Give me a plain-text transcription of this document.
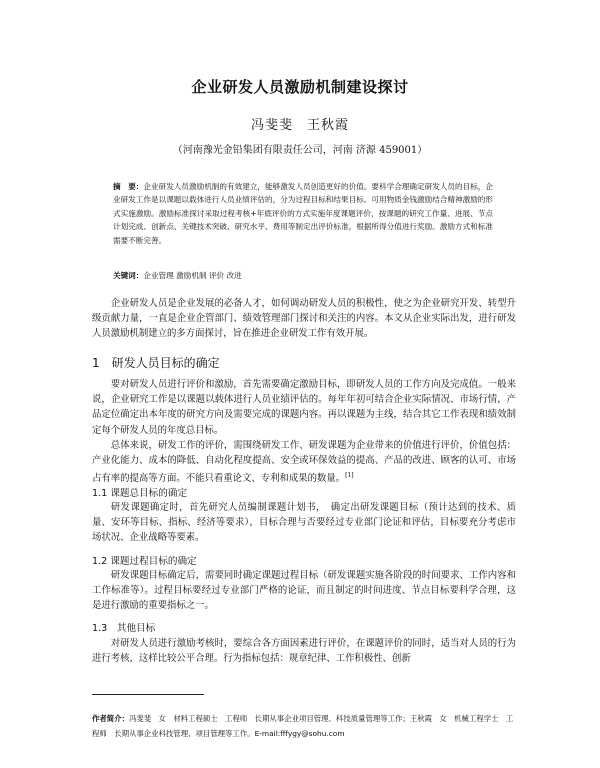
企业研发人员激励机制建设探讨
冯斐斐　王秋霞
（河南豫光金铅集团有限责任公司，河南 济源 459001）
摘　要：企业研发人员激励机制的有效建立，能够激发人员创造更好的价值。要科学合理确定研发人员的目标，企业研发工作是以课题以载体进行人员业绩评估的，分为过程目标和结果目标。可用物质金钱激励结合精神激励的形式实施激励。激励标准探讨采取过程考核+年底评价的方式实施年度课题评价，按课题的研究工作量、进展、节点计划完成、创新点、关键技术突破、研究水平、费用等制定出评价标准，根据所得分值进行奖励。激励方式和标准需要不断完善。
关键词：企业管理 激励机制 评价 改进
企业研发人员是企业发展的必备人才，如何调动研发人员的积极性，使之为企业研究开发、转型升级贡献力量，一直是企业企管部门、绩效管理部门探讨和关注的内容。本文从企业实际出发，进行研发人员激励机制建立的多方面探讨，旨在推进企业研发工作有效开展。
1　研发人员目标的确定
要对研发人员进行评价和激励，首先需要确定激励目标，即研发人员的工作方向及完成值。一般来说，企业研究工作是以课题以载体进行人员业绩评估的。每年年初可结合企业实际情况、市场行情，产品定位确定出本年度的研究方向及需要完成的课题内容。再以课题为主线，结合其它工作表现和绩效制定每个研发人员的年度总目标。
总体来说，研发工作的评价，需围绕研发工作、研发课题为企业带来的价值进行评价，价值包括：产业化能力、成本的降低、自动化程度提高、安全或环保效益的提高、产品的改进、顾客的认可、市场占有率的提高等方面。不能只看重论文、专利和成果的数量。[1]
1.1 课题总目标的确定
研发课题确定时，首先研究人员编制课题计划书，　确定出研发课题目标（预计达到的技术、质量、安环等目标、指标、经济等要求），目标合理与否要经过专业部门论证和评估，目标要充分考虑市场状况、企业战略等要素。
1.2 课题过程目标的确定
研发课题目标确定后，需要同时确定课题过程目标（研发课题实施各阶段的时间要求、工作内容和工作标准等）。过程目标要经过专业部门严格的论证，而且制定的时间进度、节点目标要科学合理，这是进行激励的重要指标之一。
1.3　其他目标
对研发人员进行激励考核时，要综合各方面因素进行评价，在课题评价的同时，适当对人员的行为进行考核，这样比较公平合理。行为指标包括：规章纪律、工作积极性、创新
作者简介：冯斐斐　女　材料工程硕士　工程师　长期从事企业项目管理、科技质量管理等工作；王秋霞　女　机械工程学士　工程师　长期从事企业科技管理、项目管理等工作。E-mail:fffygy@sohu.com
